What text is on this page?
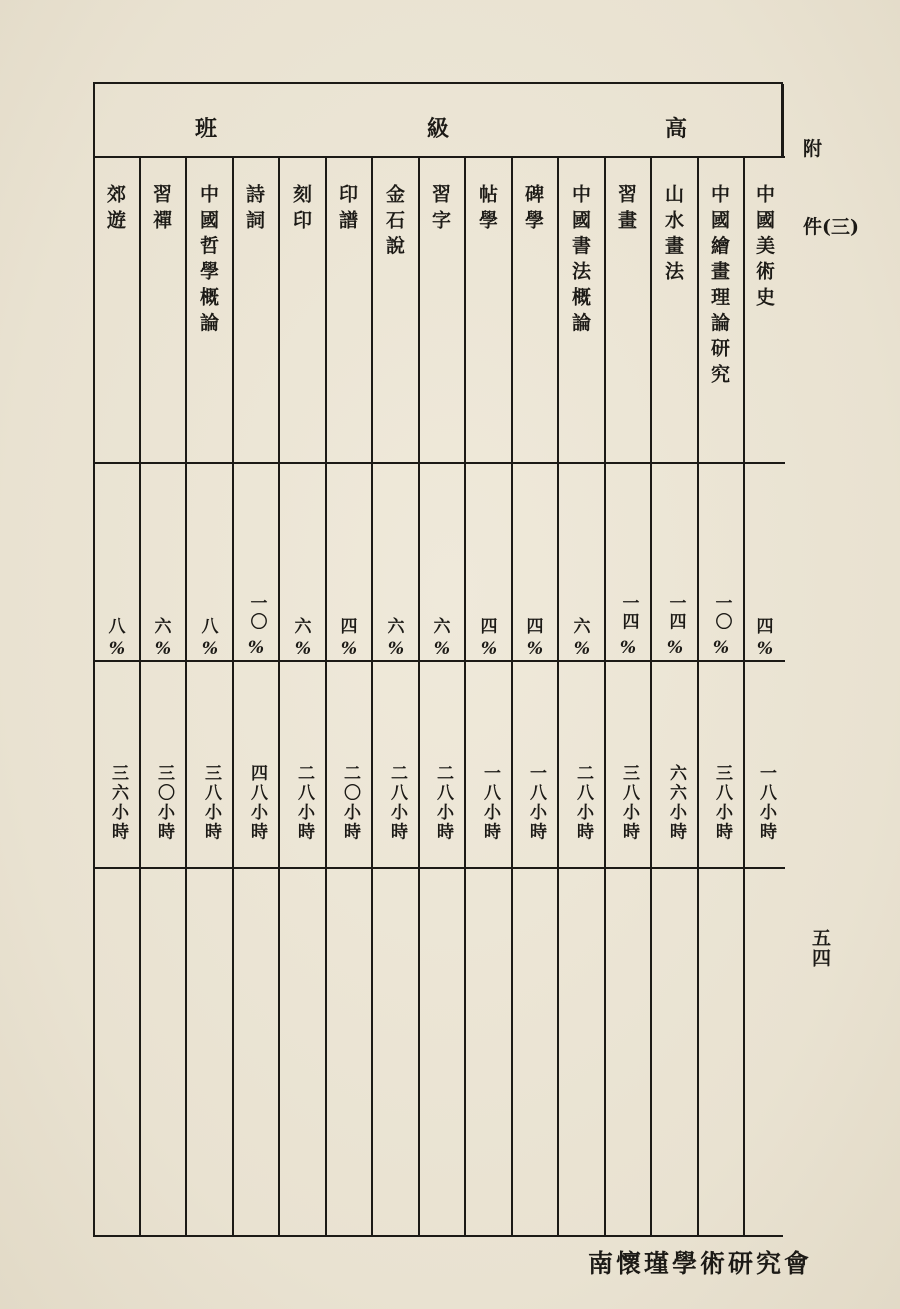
班	級	高
郊遊 習禪 中國哲學概論 詩詞 刻印 印譜 金石說 習字 帖學 碑學 中國書法概論 習畫 山水畫法 中國繪畫理論研究 中國美術史
八
%
六
%
八
%
一〇
%
六
%
四
%
六
%
六
%
四
%
四
%
六
%
一四
%
一四
%
一〇
%
四
%
三六小時 三〇小時 三八小時 四八小時 二八小時 二〇小時 二八小時 二八小時 一八小時 一八小時 二八小時 三八小時 六六小時 三八小時 一八小時
附
件(三)
五四
南懷瑾學術研究會
